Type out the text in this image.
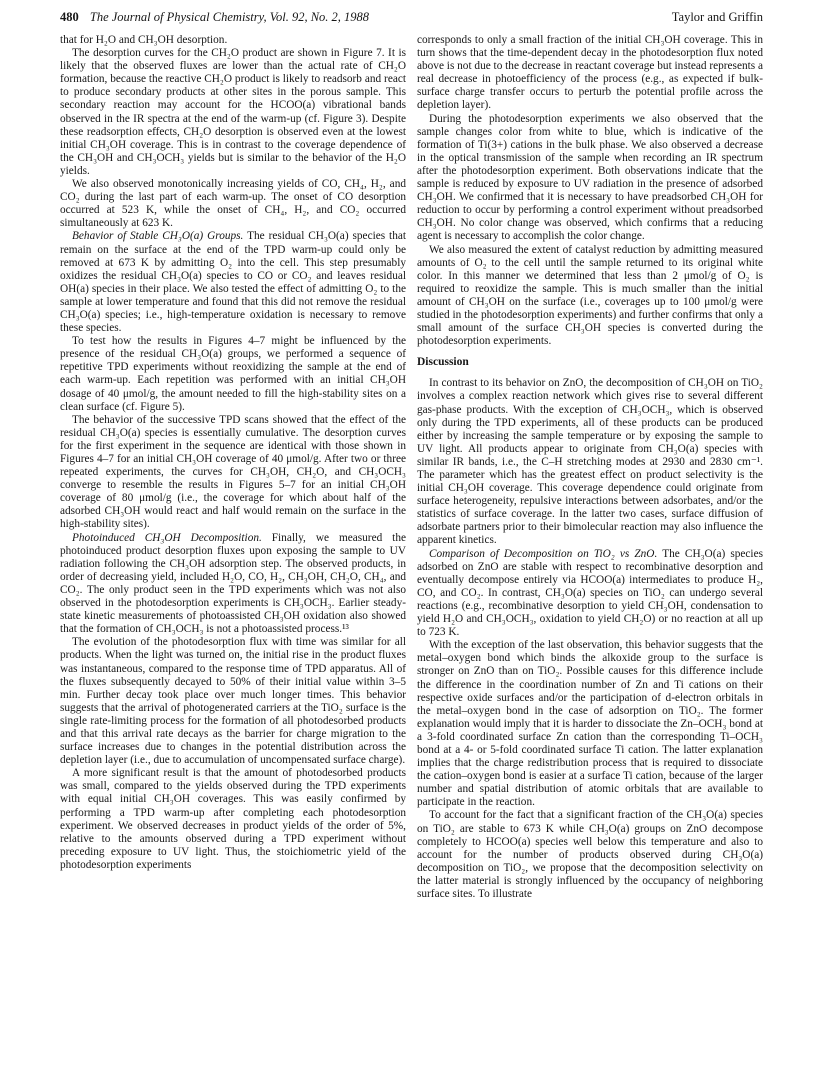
480 The Journal of Physical Chemistry, Vol. 92, No. 2, 1988	Taylor and Griffin

that for H₂O and CH₃OH desorption.

The desorption curves for the CH₂O product are shown in Figure 7. It is likely that the observed fluxes are lower than the actual rate of CH₂O formation, because the reactive CH₂O product is likely to readsorb and react to produce secondary products at other sites in the porous sample. This secondary reaction may account for the HCOO(a) vibrational bands observed in the IR spectra at the end of the warm-up (cf. Figure 3). Despite these readsorption effects, CH₂O desorption is observed even at the lowest initial CH₃OH coverage. This is in contrast to the coverage dependence of the CH₃OH and CH₃OCH₃ yields but is similar to the behavior of the H₂O yields.

We also observed monotonically increasing yields of CO, CH₄, H₂, and CO₂ during the last part of each warm-up. The onset of CO desorption occurred at 523 K, while the onset of CH₄, H₂, and CO₂ occurred simultaneously at 623 K.

Behavior of Stable CH₃O(a) Groups. The residual CH₃O(a) species that remain on the surface at the end of the TPD warm-up could only be removed at 673 K by admitting O₂ into the cell. This step presumably oxidizes the residual CH₃O(a) species to CO or CO₂ and leaves residual OH(a) species in their place. We also tested the effect of admitting O₂ to the sample at lower temperature and found that this did not remove the residual CH₃O(a) species; i.e., high-temperature oxidation is necessary to remove these species.

To test how the results in Figures 4–7 might be influenced by the presence of the residual CH₃O(a) groups, we performed a sequence of repetitive TPD experiments without reoxidizing the sample at the end of each warm-up. Each repetition was performed with an initial CH₃OH dosage of 40 μmol/g, the amount needed to fill the high-stability sites on a clean surface (cf. Figure 5).

The behavior of the successive TPD scans showed that the effect of the residual CH₃O(a) species is essentially cumulative. The desorption curves for the first experiment in the sequence are identical with those shown in Figures 4–7 for an initial CH₃OH coverage of 40 μmol/g. After two or three repeated experiments, the curves for CH₃OH, CH₂O, and CH₃OCH₃ converge to resemble the results in Figures 5–7 for an initial CH₃OH coverage of 80 μmol/g (i.e., the coverage for which about half of the adsorbed CH₃OH would react and half would remain on the surface in the high-stability sites).

Photoinduced CH₃OH Decomposition. Finally, we measured the photoinduced product desorption fluxes upon exposing the sample to UV radiation following the CH₃OH adsorption step. The observed products, in order of decreasing yield, included H₂O, CO, H₂, CH₃OH, CH₂O, CH₄, and CO₂. The only product seen in the TPD experiments which was not also observed in the photodesorption experiments is CH₃OCH₃. Earlier steady-state kinetic measurements of photoassisted CH₃OH oxidation also showed that the formation of CH₃OCH₃ is not a photoassisted process.¹³

The evolution of the photodesorption flux with time was similar for all products. When the light was turned on, the initial rise in the product fluxes was instantaneous, compared to the response time of TPD apparatus. All of the fluxes subsequently decayed to 50% of their initial value within 3–5 min. Further decay took place over much longer times. This behavior suggests that the arrival of photogenerated carriers at the TiO₂ surface is the single rate-limiting process for the formation of all photodesorbed products and that this arrival rate decays as the barrier for charge migration to the surface increases due to changes in the potential distribution across the depletion layer (i.e., due to accumulation of uncompensated surface charge).

A more significant result is that the amount of photodesorbed products was small, compared to the yields observed during the TPD experiments with equal initial CH₃OH coverages. This was easily confirmed by performing a TPD warm-up after completing each photodesorption experiment. We observed decreases in product yields of the order of 5%, relative to the amounts observed during a TPD experiment without preceding exposure to UV light. Thus, the stoichiometric yield of the photodesorption experiments

corresponds to only a small fraction of the initial CH₃OH coverage. This in turn shows that the time-dependent decay in the photodesorption flux noted above is not due to the decrease in reactant coverage but instead represents a real decrease in photoefficiency of the process (e.g., as expected if bulk-surface charge transfer occurs to perturb the potential profile across the depletion layer).

During the photodesorption experiments we also observed that the sample changes color from white to blue, which is indicative of the formation of Ti(3+) cations in the bulk phase. We also observed a decrease in the optical transmission of the sample when recording an IR spectrum after the photodesorption experiment. Both observations indicate that the sample is reduced by exposure to UV radiation in the presence of adsorbed CH₃OH. We confirmed that it is necessary to have preadsorbed CH₃OH for reduction to occur by performing a control experiment without preadsorbed CH₃OH. No color change was observed, which confirms that a reducing agent is necessary to accomplish the color change.

We also measured the extent of catalyst reduction by admitting measured amounts of O₂ to the cell until the sample returned to its original white color. In this manner we determined that less than 2 μmol/g of O₂ is required to reoxidize the sample. This is much smaller than the initial amount of CH₃OH on the surface (i.e., coverages up to 100 μmol/g were studied in the photodesorption experiments) and further confirms that only a small amount of the surface CH₃OH species is converted during the photodesorption experiments.

Discussion

In contrast to its behavior on ZnO, the decomposition of CH₃OH on TiO₂ involves a complex reaction network which gives rise to several different gas-phase products. With the exception of CH₃OCH₃, which is observed only during the TPD experiments, all of these products can be produced either by increasing the sample temperature or by exposing the sample to UV light. All products appear to originate from CH₃O(a) species with similar IR bands, i.e., the C–H stretching modes at 2930 and 2830 cm⁻¹. The parameter which has the greatest effect on product selectivity is the initial CH₃OH coverage. This coverage dependence could originate from surface heterogeneity, repulsive interactions between adsorbates, and/or the statistics of surface coverage. In the latter two cases, surface diffusion of adsorbate partners prior to their bimolecular reaction may also influence the apparent kinetics.

Comparison of Decomposition on TiO₂ vs ZnO. The CH₃O(a) species adsorbed on ZnO are stable with respect to recombinative desorption and eventually decompose entirely via HCOO(a) intermediates to produce H₂, CO, and CO₂. In contrast, CH₃O(a) species on TiO₂ can undergo several reactions (e.g., recombinative desorption to yield CH₃OH, condensation to yield H₂O and CH₃OCH₃, oxidation to yield CH₂O) or no reaction at all up to 723 K.

With the exception of the last observation, this behavior suggests that the metal–oxygen bond which binds the alkoxide group to the surface is stronger on ZnO than on TiO₂. Possible causes for this difference include the difference in the coordination number of Zn and Ti cations on their respective oxide surfaces and/or the participation of d-electron orbitals in the metal–oxygen bond in the case of adsorption on TiO₂. The former explanation would imply that it is harder to dissociate the Zn–OCH₃ bond at a 3-fold coordinated surface Zn cation than the corresponding Ti–OCH₃ bond at a 4- or 5-fold coordinated surface Ti cation. The latter explanation implies that the charge redistribution process that is required to dissociate the cation–oxygen bond is easier at a surface Ti cation, because of the larger number and spatial distribution of atomic orbitals that are available to participate in the reaction.

To account for the fact that a significant fraction of the CH₃O(a) species on TiO₂ are stable to 673 K while CH₃O(a) groups on ZnO decompose completely to HCOO(a) species well below this temperature and also to account for the number of products observed during CH₃O(a) decomposition on TiO₂, we propose that the decomposition selectivity on the latter material is strongly influenced by the occupancy of neighboring surface sites. To illustrate
